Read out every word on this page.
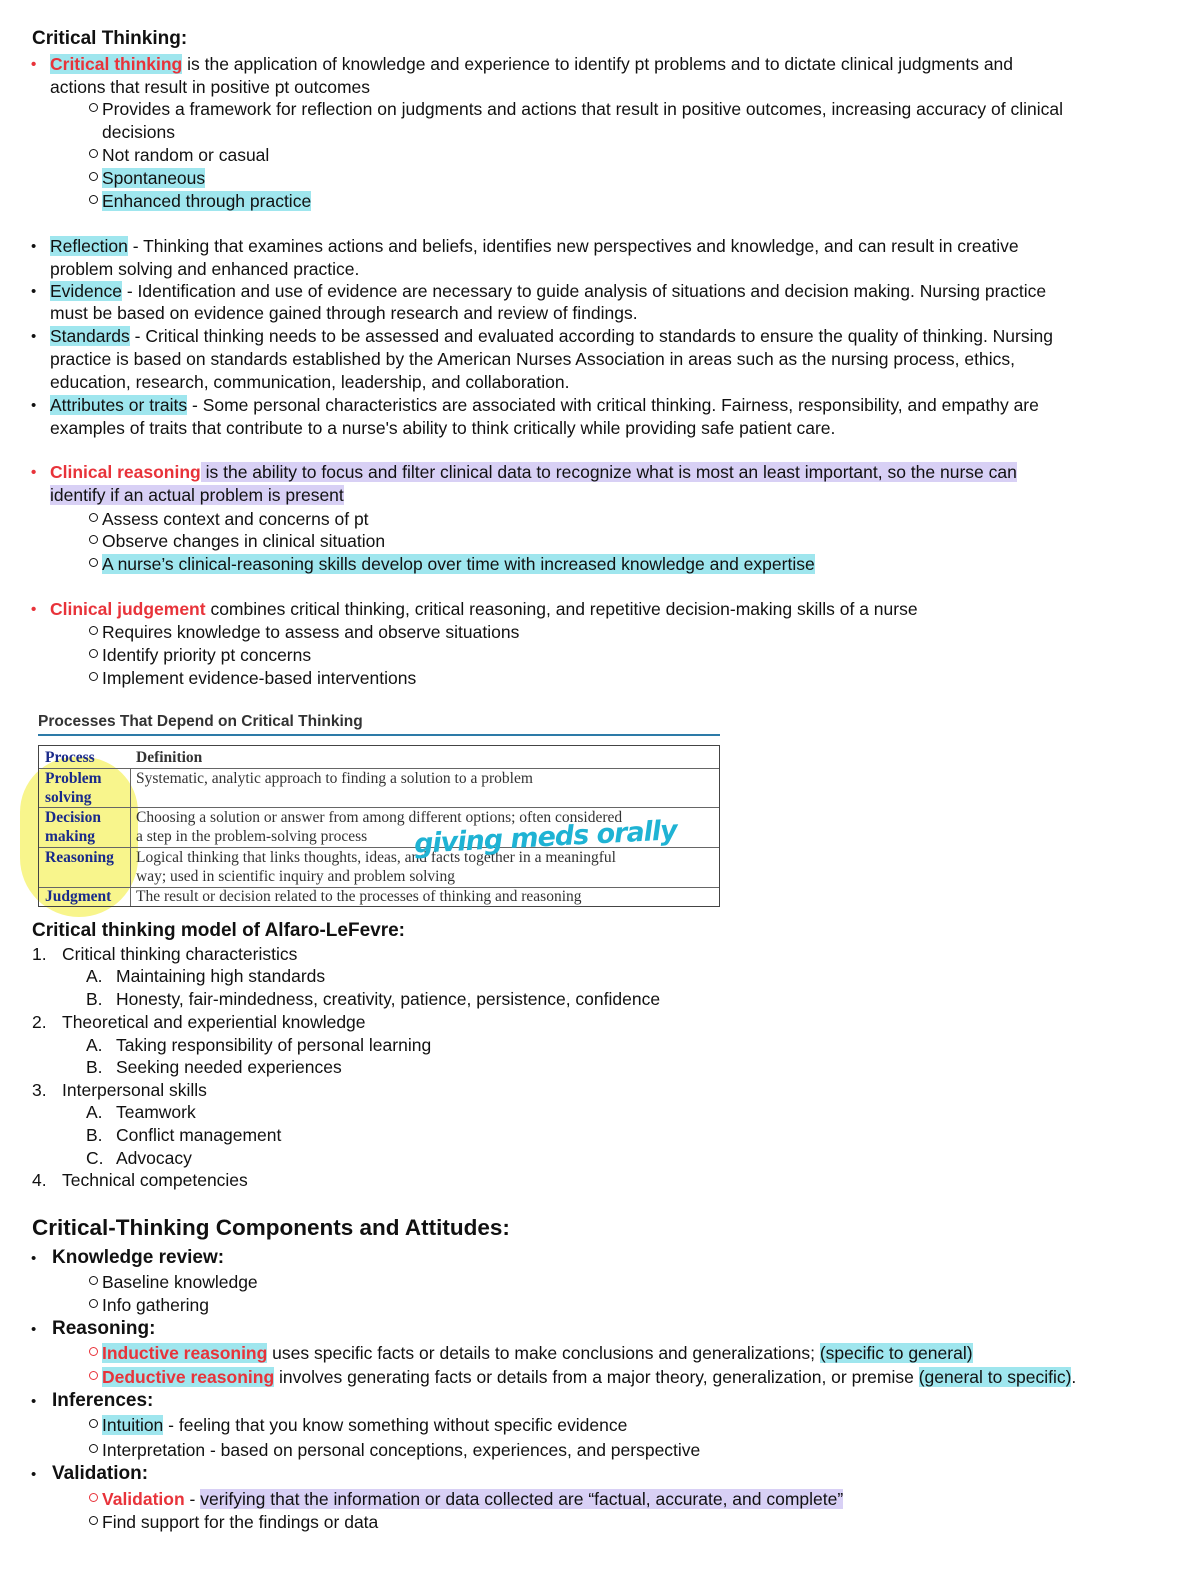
Critical Thinking:
• Critical thinking is the application of knowledge and experience to identify pt problems and to dictate clinical judgments and
actions that result in positive pt outcomes
Provides a framework for reflection on judgments and actions that result in positive outcomes, increasing accuracy of clinical
decisions
Not random or casual
Spontaneous
Enhanced through practice
• Reflection - Thinking that examines actions and beliefs, identifies new perspectives and knowledge, and can result in creative
problem solving and enhanced practice.
• Evidence - Identification and use of evidence are necessary to guide analysis of situations and decision making. Nursing practice
must be based on evidence gained through research and review of findings.
• Standards - Critical thinking needs to be assessed and evaluated according to standards to ensure the quality of thinking. Nursing
practice is based on standards established by the American Nurses Association in areas such as the nursing process, ethics,
education, research, communication, leadership, and collaboration.
• Attributes or traits - Some personal characteristics are associated with critical thinking. Fairness, responsibility, and empathy are
examples of traits that contribute to a nurse's ability to think critically while providing safe patient care.
• Clinical reasoning is the ability to focus and filter clinical data to recognize what is most an least important, so the nurse can
identify if an actual problem is present
Assess context and concerns of pt
Observe changes in clinical situation
A nurse’s clinical-reasoning skills develop over time with increased knowledge and expertise
• Clinical judgement combines critical thinking, critical reasoning, and repetitive decision-making skills of a nurse
Requires knowledge to assess and observe situations
Identify priority pt concerns
Implement evidence-based interventions
Processes That Depend on Critical Thinking
Process	Definition
Problem
solving
Systematic, analytic approach to finding a solution to a problem
Decision
making
Choosing a solution or answer from among different options; often considered
a step in the problem-solving process
Reasoning Logical thinking that links thoughts, ideas, and facts together in a meaningful
way; used in scientific inquiry and problem solving
Judgment The result or decision related to the processes of thinking and reasoning
giving meds orally
Critical thinking model of Alfaro-LeFevre:
1. Critical thinking characteristics
A. Maintaining high standards
B. Honesty, fair-mindedness, creativity, patience, persistence, confidence
2. Theoretical and experiential knowledge
A. Taking responsibility of personal learning
B. Seeking needed experiences
3. Interpersonal skills
A. Teamwork
B. Conflict management
C. Advocacy
4. Technical competencies
Critical-Thinking Components and Attitudes:
• Knowledge review:
Baseline knowledge
Info gathering
• Reasoning:
Inductive reasoning uses specific facts or details to make conclusions and generalizations; (specific to general)
Deductive reasoning involves generating facts or details from a major theory, generalization, or premise (general to specific).
• Inferences:
Intuition - feeling that you know something without specific evidence
Interpretation - based on personal conceptions, experiences, and perspective
• Validation:
Validation - verifying that the information or data collected are “factual, accurate, and complete”
Find support for the findings or data
